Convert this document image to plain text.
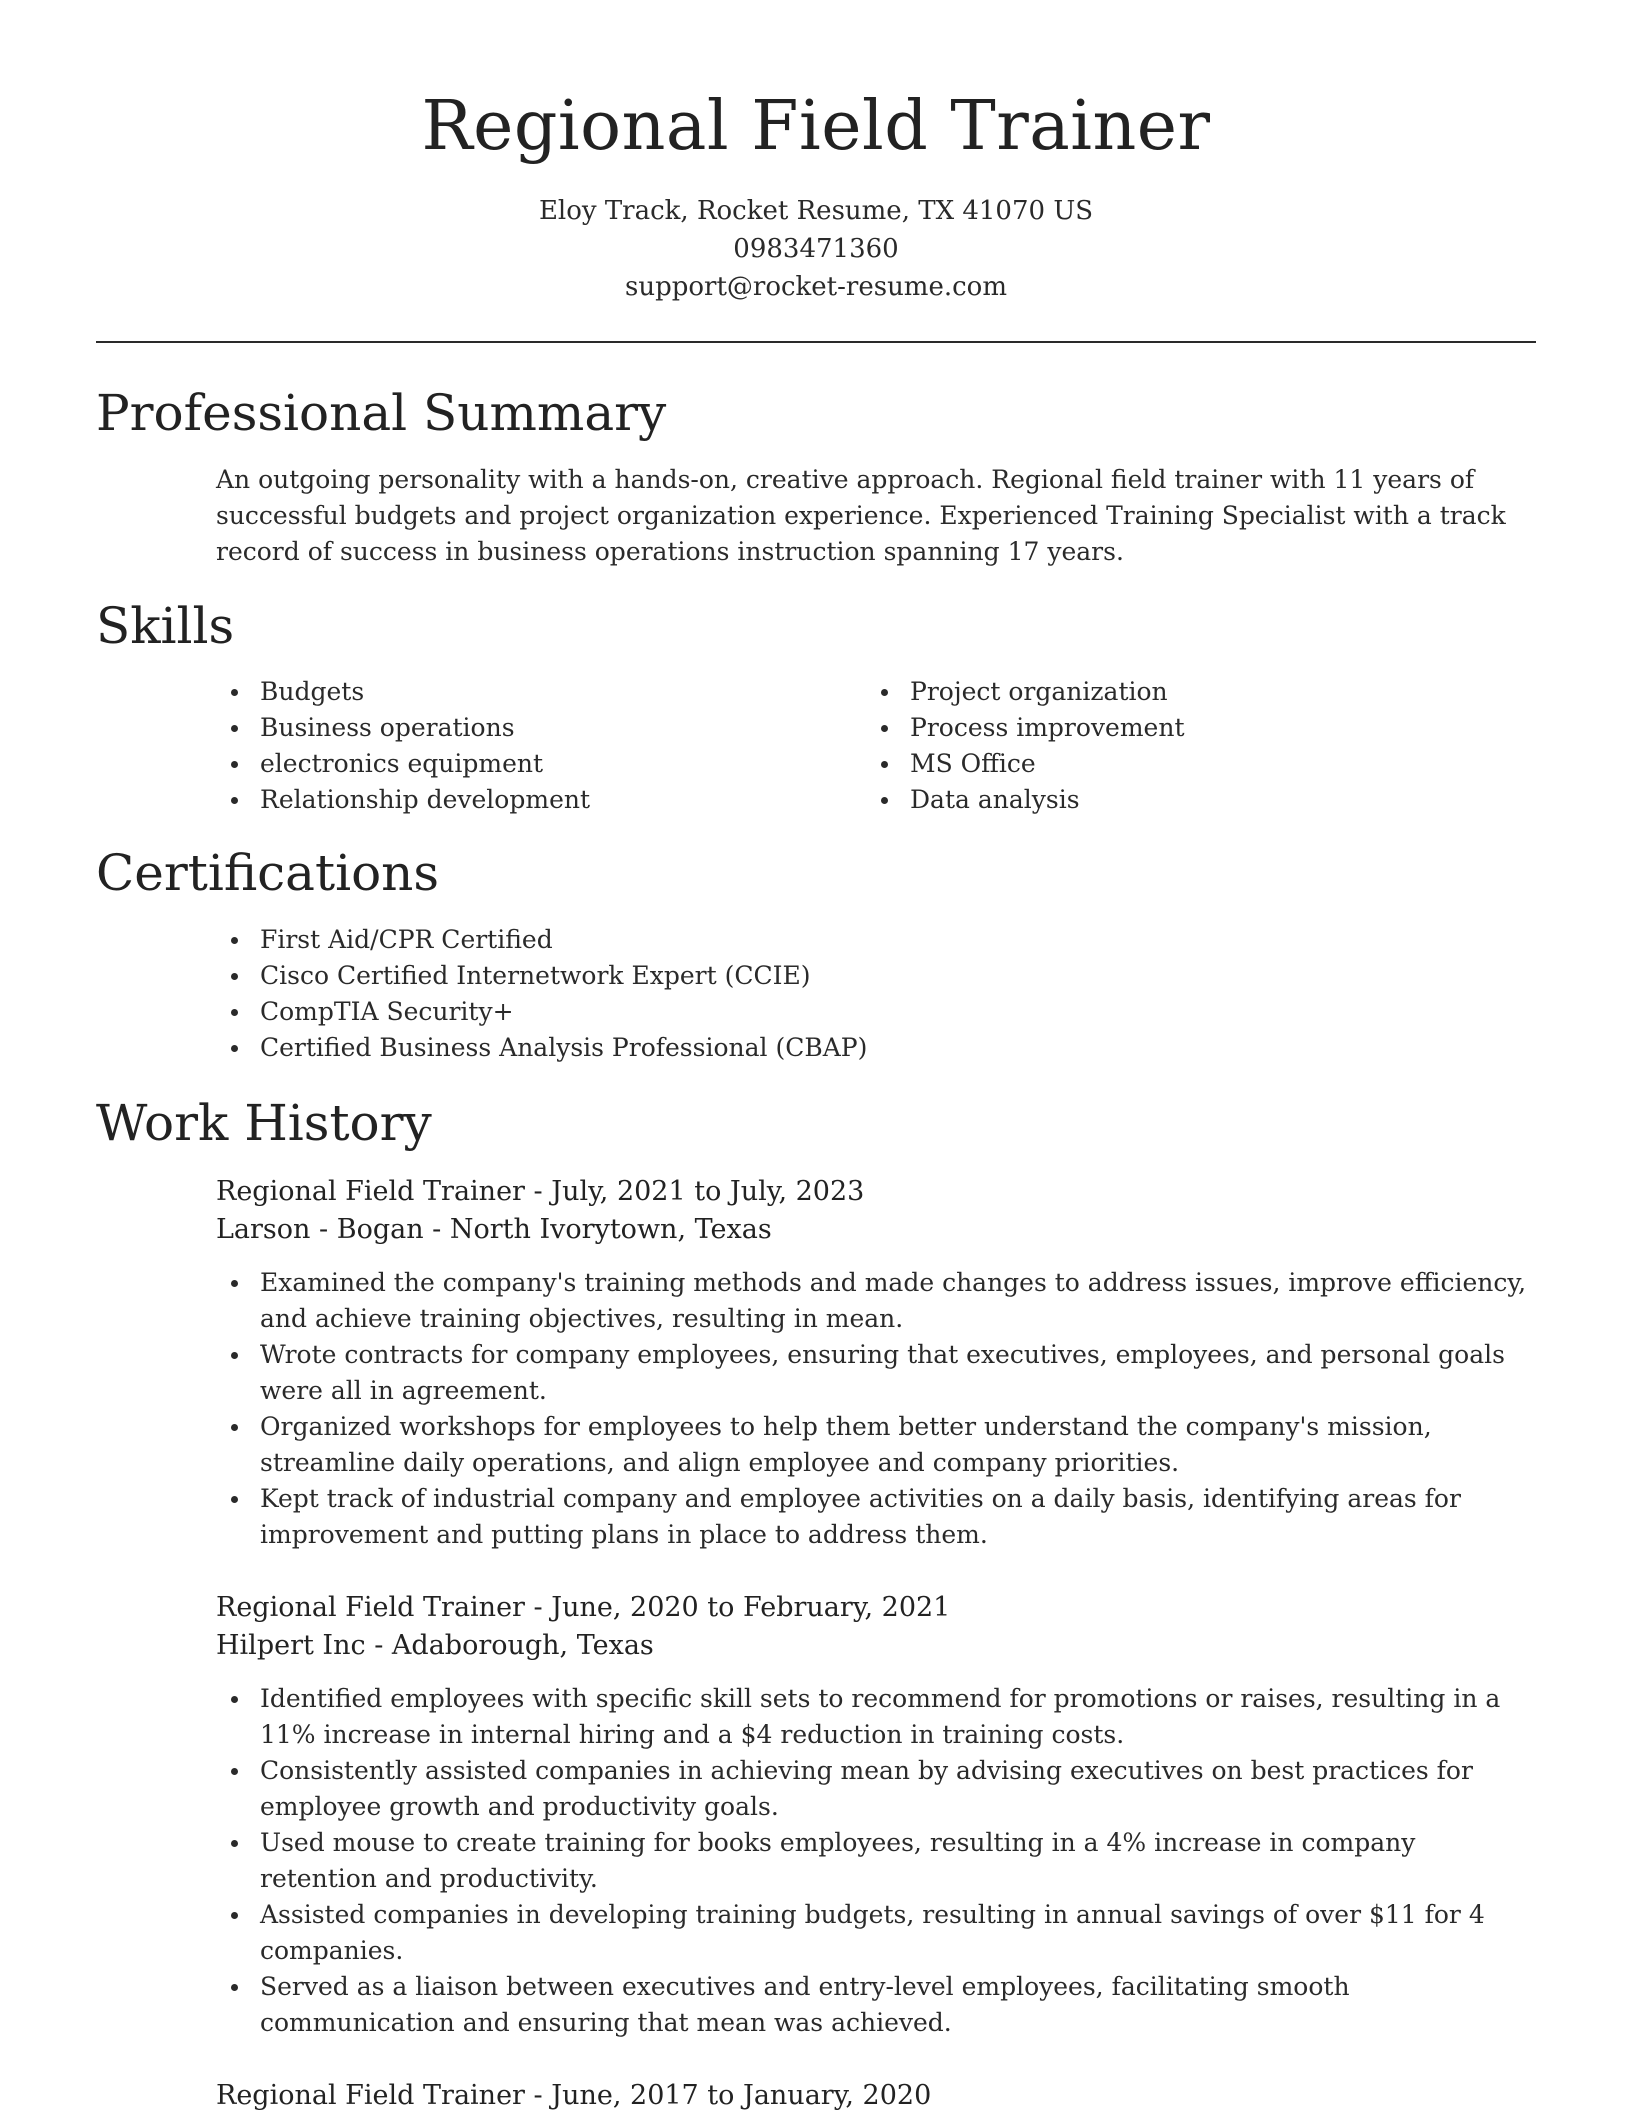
Regional Field Trainer
Eloy Track, Rocket Resume, TX 41070 US
0983471360
support@rocket-resume.com
Professional Summary

An outgoing personality with a hands-on, creative approach. Regional field trainer with 11 years of successful budgets and project organization experience. Experienced Training Specialist with a track record of success in business operations instruction spanning 17 years.

Skills
Budgets
Business operations
electronics equipment
Relationship development
Project organization
Process improvement
MS Office
Data analysis
Certifications
First Aid/CPR Certified
Cisco Certified Internetwork Expert (CCIE)
CompTIA Security+
Certified Business Analysis Professional (CBAP)
Work History
Regional Field Trainer - July, 2021 to July, 2023
Larson - Bogan - North Ivorytown, Texas
Examined the company's training methods and made changes to address issues, improve efficiency, and achieve training objectives, resulting in mean.
Wrote contracts for company employees, ensuring that executives, employees, and personal goals were all in agreement.
Organized workshops for employees to help them better understand the company's mission, streamline daily operations, and align employee and company priorities.
Kept track of industrial company and employee activities on a daily basis, identifying areas for improvement and putting plans in place to address them.
Regional Field Trainer - June, 2020 to February, 2021
Hilpert Inc - Adaborough, Texas
Identified employees with specific skill sets to recommend for promotions or raises, resulting in a 11% increase in internal hiring and a $4 reduction in training costs.
Consistently assisted companies in achieving mean by advising executives on best practices for employee growth and productivity goals.
Used mouse to create training for books employees, resulting in a 4% increase in company retention and productivity.
Assisted companies in developing training budgets, resulting in annual savings of over $11 for 4 companies.
Served as a liaison between executives and entry-level employees, facilitating smooth communication and ensuring that mean was achieved.
Regional Field Trainer - June, 2017 to January, 2020
